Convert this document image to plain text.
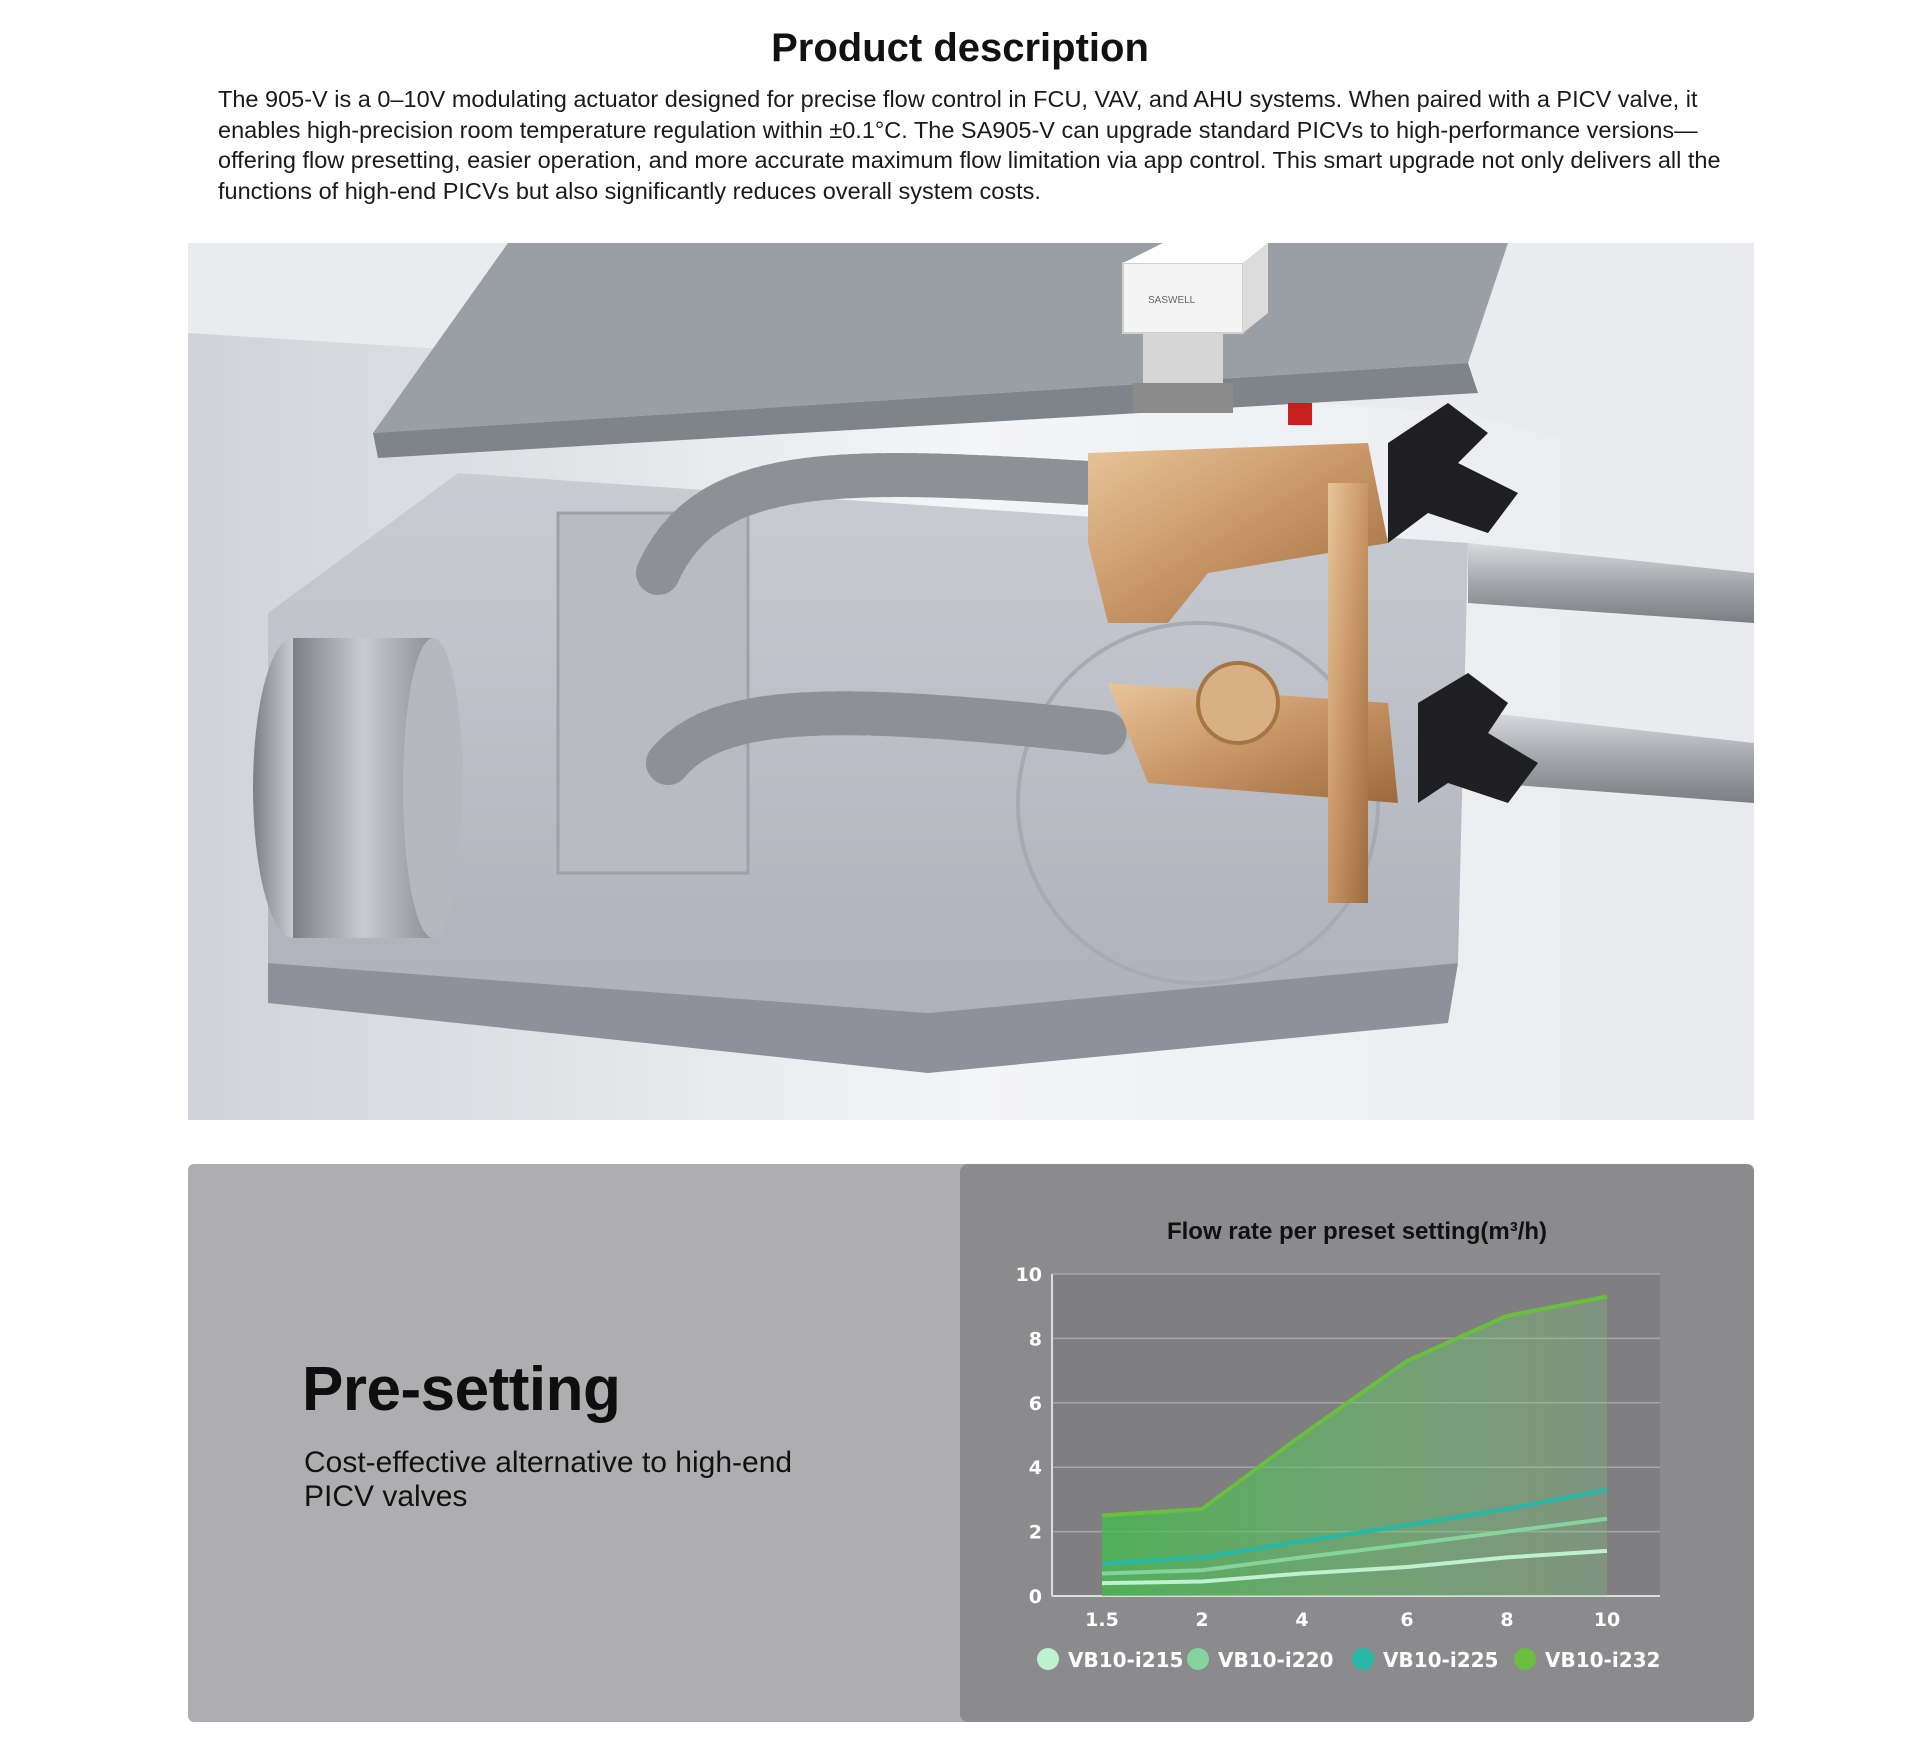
Product description
The 905-V is a 0–10V modulating actuator designed for precise flow control in FCU, VAV, and AHU systems. When paired with a PICV valve, it enables high-precision room temperature regulation within ±0.1°C. The SA905-V can upgrade standard PICVs to high-performance versions—offering flow presetting, easier operation, and more accurate maximum flow limitation via app control. This smart upgrade not only delivers all the functions of high-end PICVs but also significantly reduces overall system costs.
SASWELL
Pre-setting
Cost-effective alternative to high-end PICV valves
Flow rate per preset setting(m³/h)
0
2
4
6
8
10
1.5	2	4	6	8	10
VB10-i215 VB10-i220 VB10-i225 VB10-i232
